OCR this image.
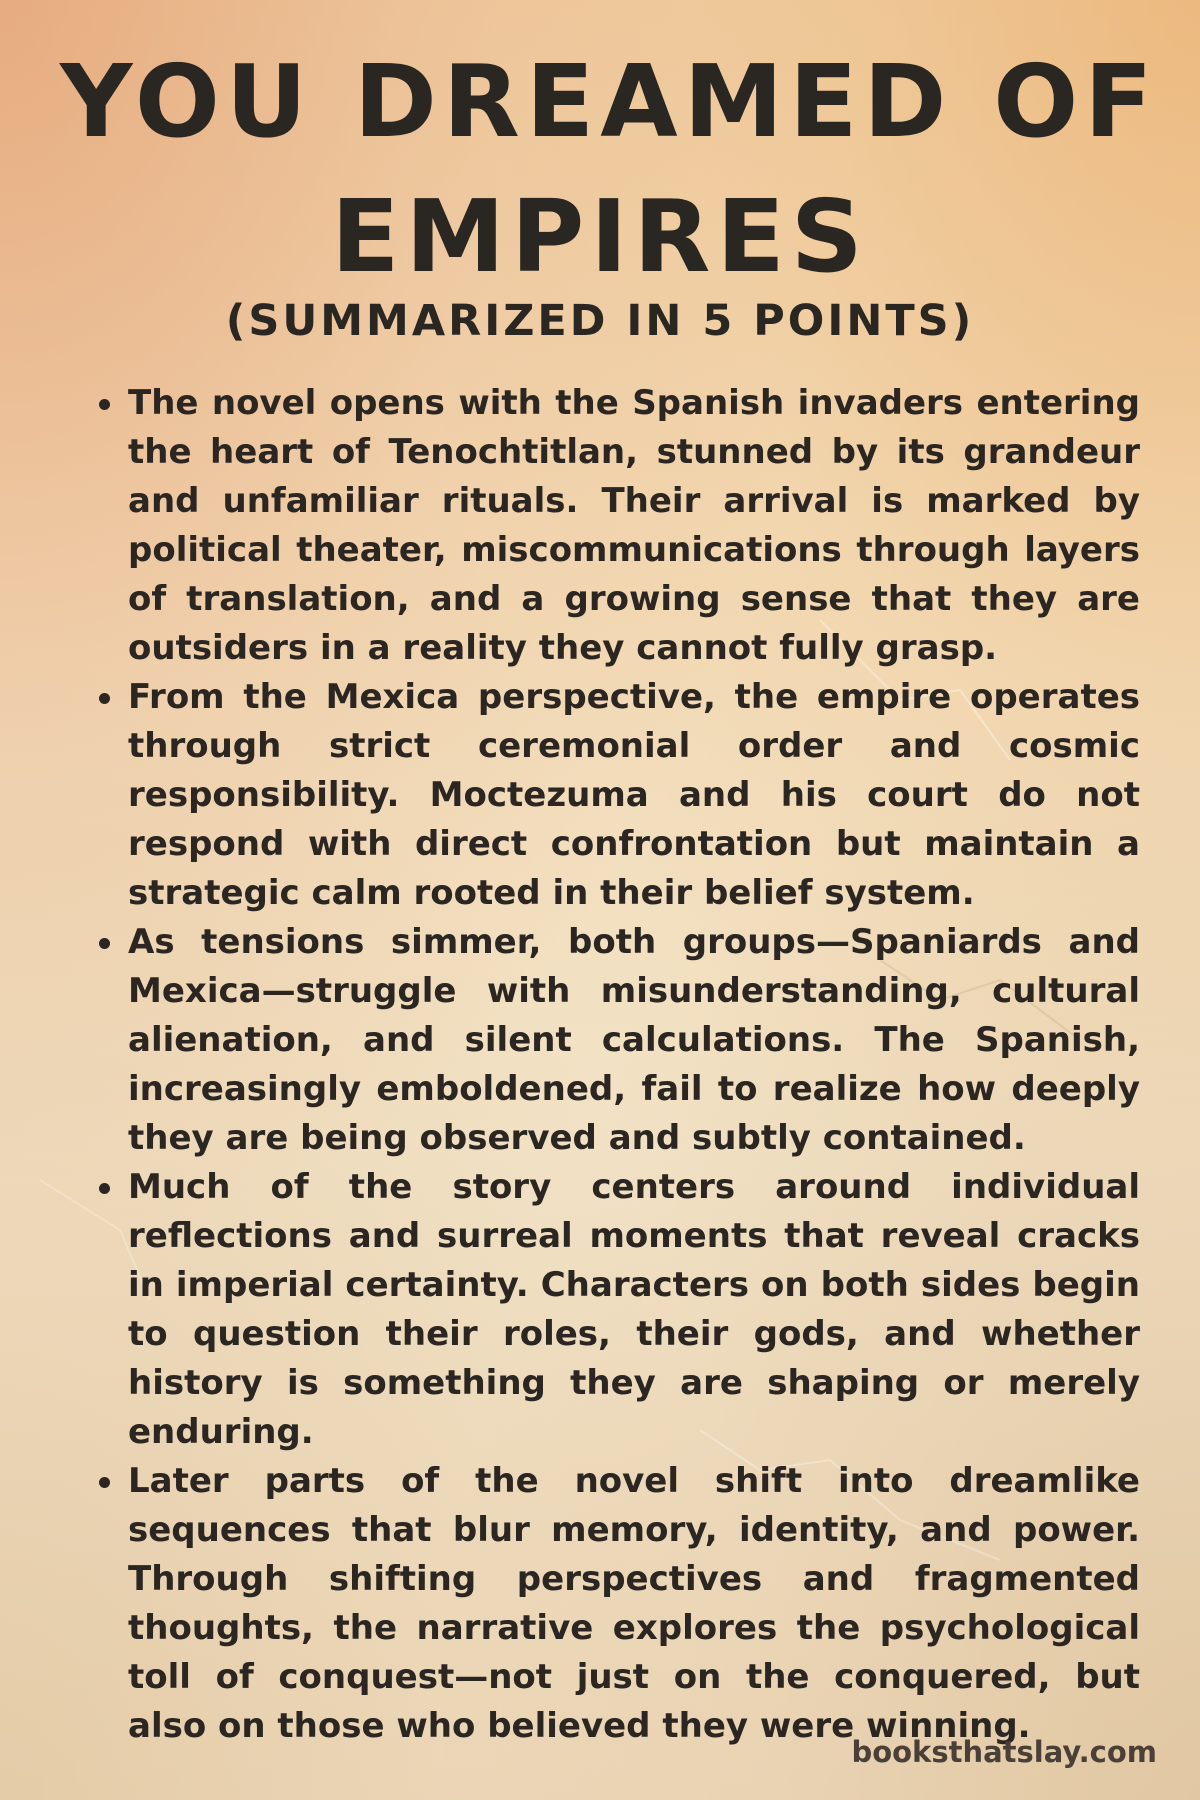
YOU DREAMED OF
EMPIRES
(SUMMARIZED IN 5 POINTS)
The novel opens with the Spanish invaders entering the heart of Tenochtitlan, stunned by its grandeur and unfamiliar rituals. Their arrival is marked by political theater, miscommunications through layers of translation, and a growing sense that they are outsiders in a reality they cannot fully grasp.
From the Mexica perspective, the empire operates through strict ceremonial order and cosmic responsibility. Moctezuma and his court do not respond with direct confrontation but maintain a strategic calm rooted in their belief system.
As tensions simmer, both groups—Spaniards and Mexica—struggle with misunderstanding, cultural alienation, and silent calculations. The Spanish, increasingly emboldened, fail to realize how deeply they are being observed and subtly contained.
Much of the story centers around individual reflections and surreal moments that reveal cracks in imperial certainty. Characters on both sides begin to question their roles, their gods, and whether history is something they are shaping or merely enduring.
Later parts of the novel shift into dreamlike sequences that blur memory, identity, and power. Through shifting perspectives and fragmented thoughts, the narrative explores the psychological toll of conquest—not just on the conquered, but also on those who believed they were winning.

booksthatslay.com
